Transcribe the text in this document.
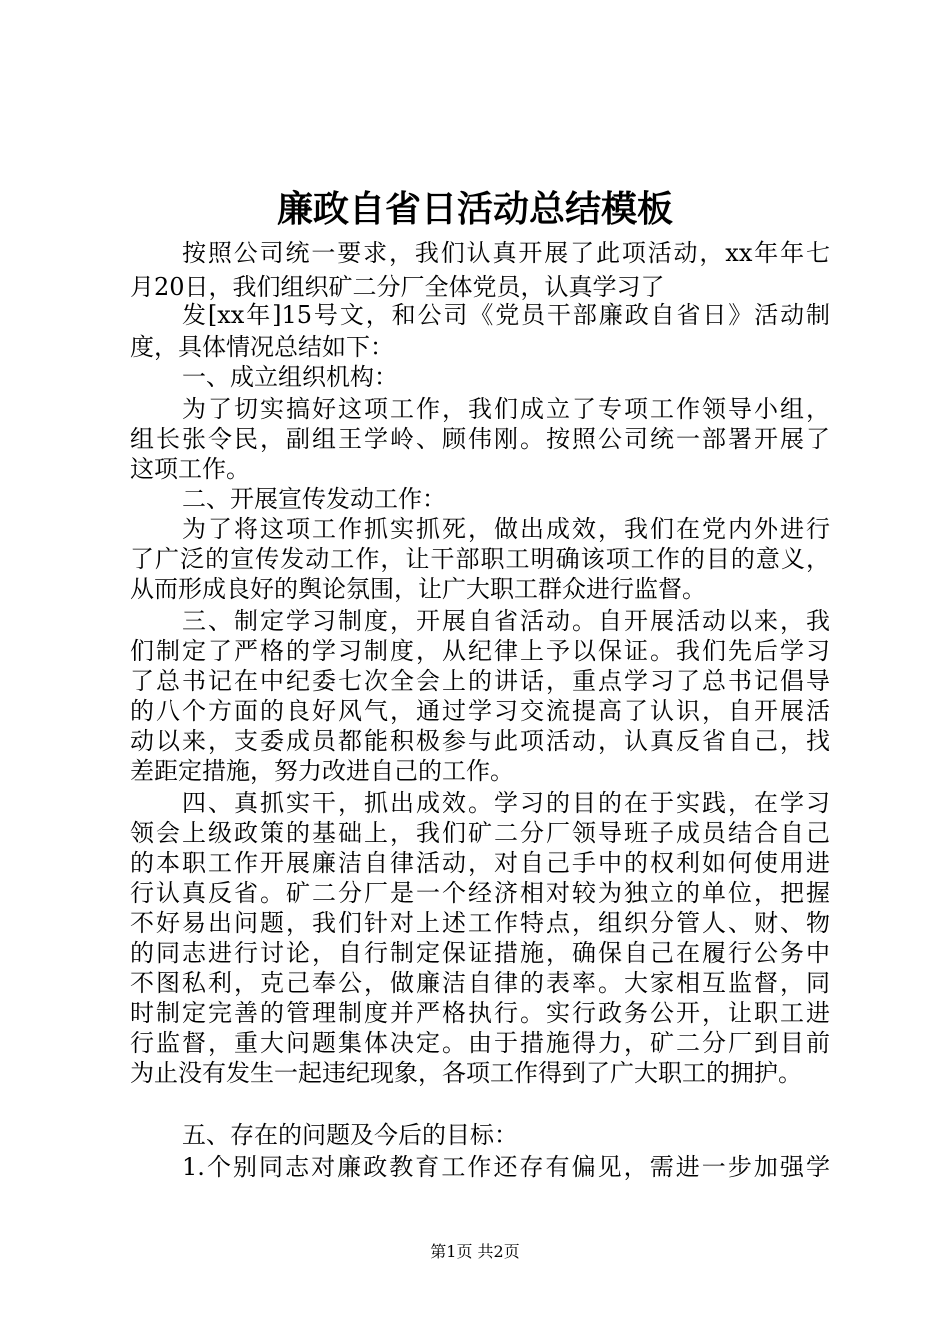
廉政自省日活动总结模板
按照公司统一要求，我们认真开展了此项活动，xx年年七
月20日，我们组织矿二分厂全体党员，认真学习了
发[xx年]15号文，和公司《党员干部廉政自省日》活动制
度，具体情况总结如下：
一、成立组织机构：
为了切实搞好这项工作，我们成立了专项工作领导小组，
组长张令民，副组王学岭、顾伟刚。按照公司统一部署开展了
这项工作。
二、开展宣传发动工作：
为了将这项工作抓实抓死，做出成效，我们在党内外进行
了广泛的宣传发动工作，让干部职工明确该项工作的目的意义，
从而形成良好的舆论氛围，让广大职工群众进行监督。
三、制定学习制度，开展自省活动。自开展活动以来，我
们制定了严格的学习制度，从纪律上予以保证。我们先后学习
了总书记在中纪委七次全会上的讲话，重点学习了总书记倡导
的八个方面的良好风气，通过学习交流提高了认识，自开展活
动以来，支委成员都能积极参与此项活动，认真反省自己，找
差距定措施，努力改进自己的工作。
四、真抓实干，抓出成效。学习的目的在于实践，在学习
领会上级政策的基础上，我们矿二分厂领导班子成员结合自己
的本职工作开展廉洁自律活动，对自己手中的权利如何使用进
行认真反省。矿二分厂是一个经济相对较为独立的单位，把握
不好易出问题，我们针对上述工作特点，组织分管人、财、物
的同志进行讨论，自行制定保证措施，确保自己在履行公务中
不图私利，克己奉公，做廉洁自律的表率。大家相互监督，同
时制定完善的管理制度并严格执行。实行政务公开，让职工进
行监督，重大问题集体决定。由于措施得力，矿二分厂到目前
为止没有发生一起违纪现象，各项工作得到了广大职工的拥护。
五、存在的问题及今后的目标：
1.个别同志对廉政教育工作还存有偏见，需进一步加强学
第1页 共2页
